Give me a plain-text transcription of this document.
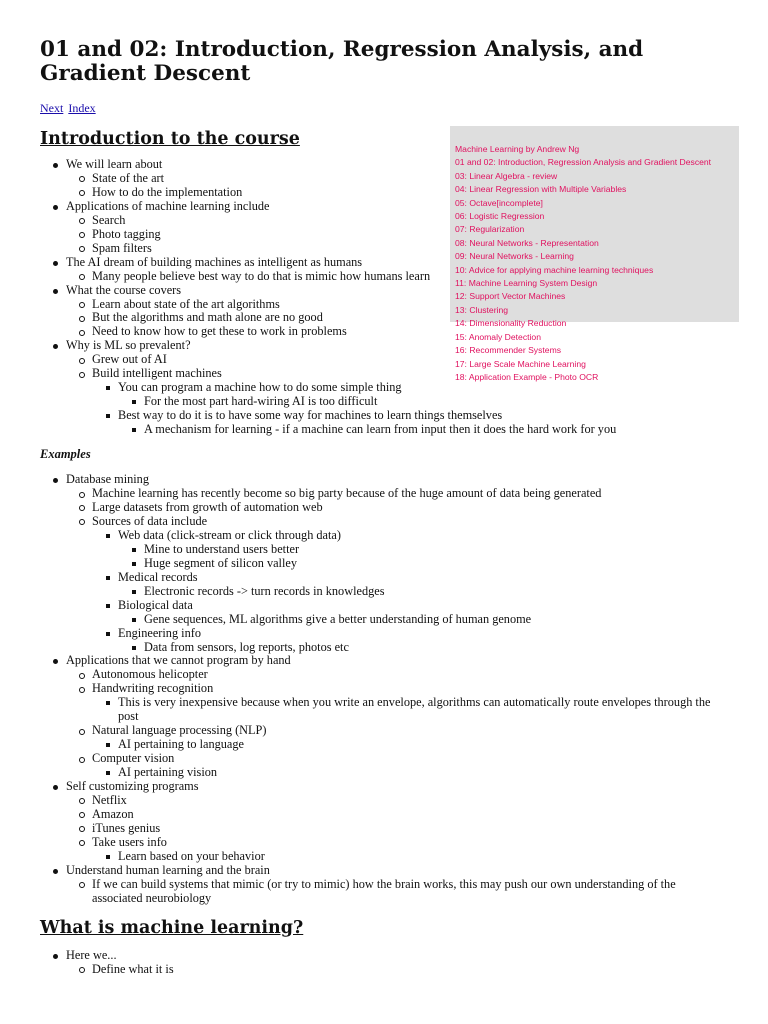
Machine Learning by Andrew Ng
01 and 02: Introduction, Regression Analysis and Gradient Descent
03: Linear Algebra - review
04: Linear Regression with Multiple Variables
05: Octave[incomplete]
06: Logistic Regression
07: Regularization
08: Neural Networks - Representation
09: Neural Networks - Learning
10: Advice for applying machine learning techniques
11: Machine Learning System Design
12: Support Vector Machines
13: Clustering
14: Dimensionality Reduction
15: Anomaly Detection
16: Recommender Systems
17: Large Scale Machine Learning
18: Application Example - Photo OCR
01 and 02: Introduction, Regression Analysis, and Gradient Descent
Next Index
Introduction to the course
We will learn about
State of the art
How to do the implementation
Applications of machine learning include
Search
Photo tagging
Spam filters
The AI dream of building machines as intelligent as humans
Many people believe best way to do that is mimic how humans learn
What the course covers
Learn about state of the art algorithms
But the algorithms and math alone are no good
Need to know how to get these to work in problems
Why is ML so prevalent?
Grew out of AI
Build intelligent machines
You can program a machine how to do some simple thing
For the most part hard-wiring AI is too difficult
Best way to do it is to have some way for machines to learn things themselves
A mechanism for learning - if a machine can learn from input then it does the hard work for you
Examples
Database mining
Machine learning has recently become so big party because of the huge amount of data being generated
Large datasets from growth of automation web
Sources of data include
Web data (click-stream or click through data)
Mine to understand users better
Huge segment of silicon valley
Medical records
Electronic records -> turn records in knowledges
Biological data
Gene sequences, ML algorithms give a better understanding of human genome
Engineering info
Data from sensors, log reports, photos etc
Applications that we cannot program by hand
Autonomous helicopter
Handwriting recognition
This is very inexpensive because when you write an envelope, algorithms can automatically route envelopes through the post
Natural language processing (NLP)
AI pertaining to language
Computer vision
AI pertaining vision
Self customizing programs
Netflix
Amazon
iTunes genius
Take users info
Learn based on your behavior
Understand human learning and the brain
If we can build systems that mimic (or try to mimic) how the brain works, this may push our own understanding of the associated neurobiology
What is machine learning?
Here we...
Define what it is
